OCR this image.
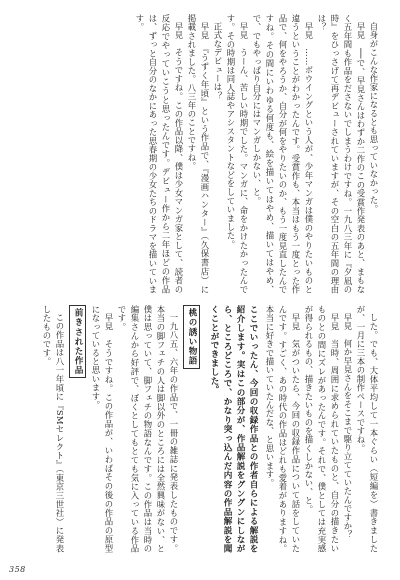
自身がこんな作家になるとも思っていなかった。

早見　──で、早見さんはわずか二作のこの受賞作発表のあと、まもなく五年間も作品をださないでしまうわけですね。一九八三年に『夕凪の時』をひっさげて再デビューされていますが、その空白の五年間の理由は？

早見　……ボウイングという人が、少年マンガは僕のやりたいものと違うということがわかったんです。受賞作も、本当はもう一度とった作品で、何をやろうか、自分が何をやりたいのか、もう一度見直したんですね。その間にいわゆる何度も、絵を描いてはやめ、描いてはやめ、で、でもやっぱり自分にはマンガしかない、と。

早見　うーん、苦しい時期でした。マンガに、命をかけたかったんです。その時期は同人誌やアシスタントなどをしていました。

正式なデビューは？

早見　『うずく年頃』という作品で、『漫画ハンター』（久保書店）に掲載されました。八三年のことですね。

早見　そうですね。この作品以降、僕は少女マンガ家として、読者の反応でやっていこうと思ったんです。デビュー作から二年ほどの作品は、ずっと自分のなかにあった思春期の少女たちのドラマを描いています。

した。でも、大体平均して一本ぐらい（短編を）書きましたが、一月に三本の制作ペースですね。

早見　何か早見さんをそこまで駆り立てていたんですか？

早見　当時、周囲に求められていたものと、自分の描きたいものとの間にズレがあったんです。それで、僕としては充実感が得られるもの、描きたいものを描くしかない、と。

早見　気がついたら、今回の収録作品について話をしていたんです。すごく、あの時代の作品はどれも愛着がありますね。本当に好きで描いていたんだな、と思います。

ここでいったん、今回の収録作品との作者自らによる解説を紹介します。実はこの部分が、作品解説をグングンにしながら、ところどころで、かなり突っ込んだ内容の作品解説を聞くことができました。

桃の誘い物語

一九八五、六年の作品で、一冊の雑誌に発表したものです。本当の脚フェチの人は脚以外のところには全然興味がない、と僕は思っていて、脚フェチの物語なんです。この作品は当時の編集さんから好評で、ぼくとしてもとても気に入っている作品です。

早見　そうですね。この作品が、いわばその後の作品の原型になっていると思います。

前きされた作品

この作品は八一年頃に『SMセレクト』（東京三世社）に発表したものです。

358
